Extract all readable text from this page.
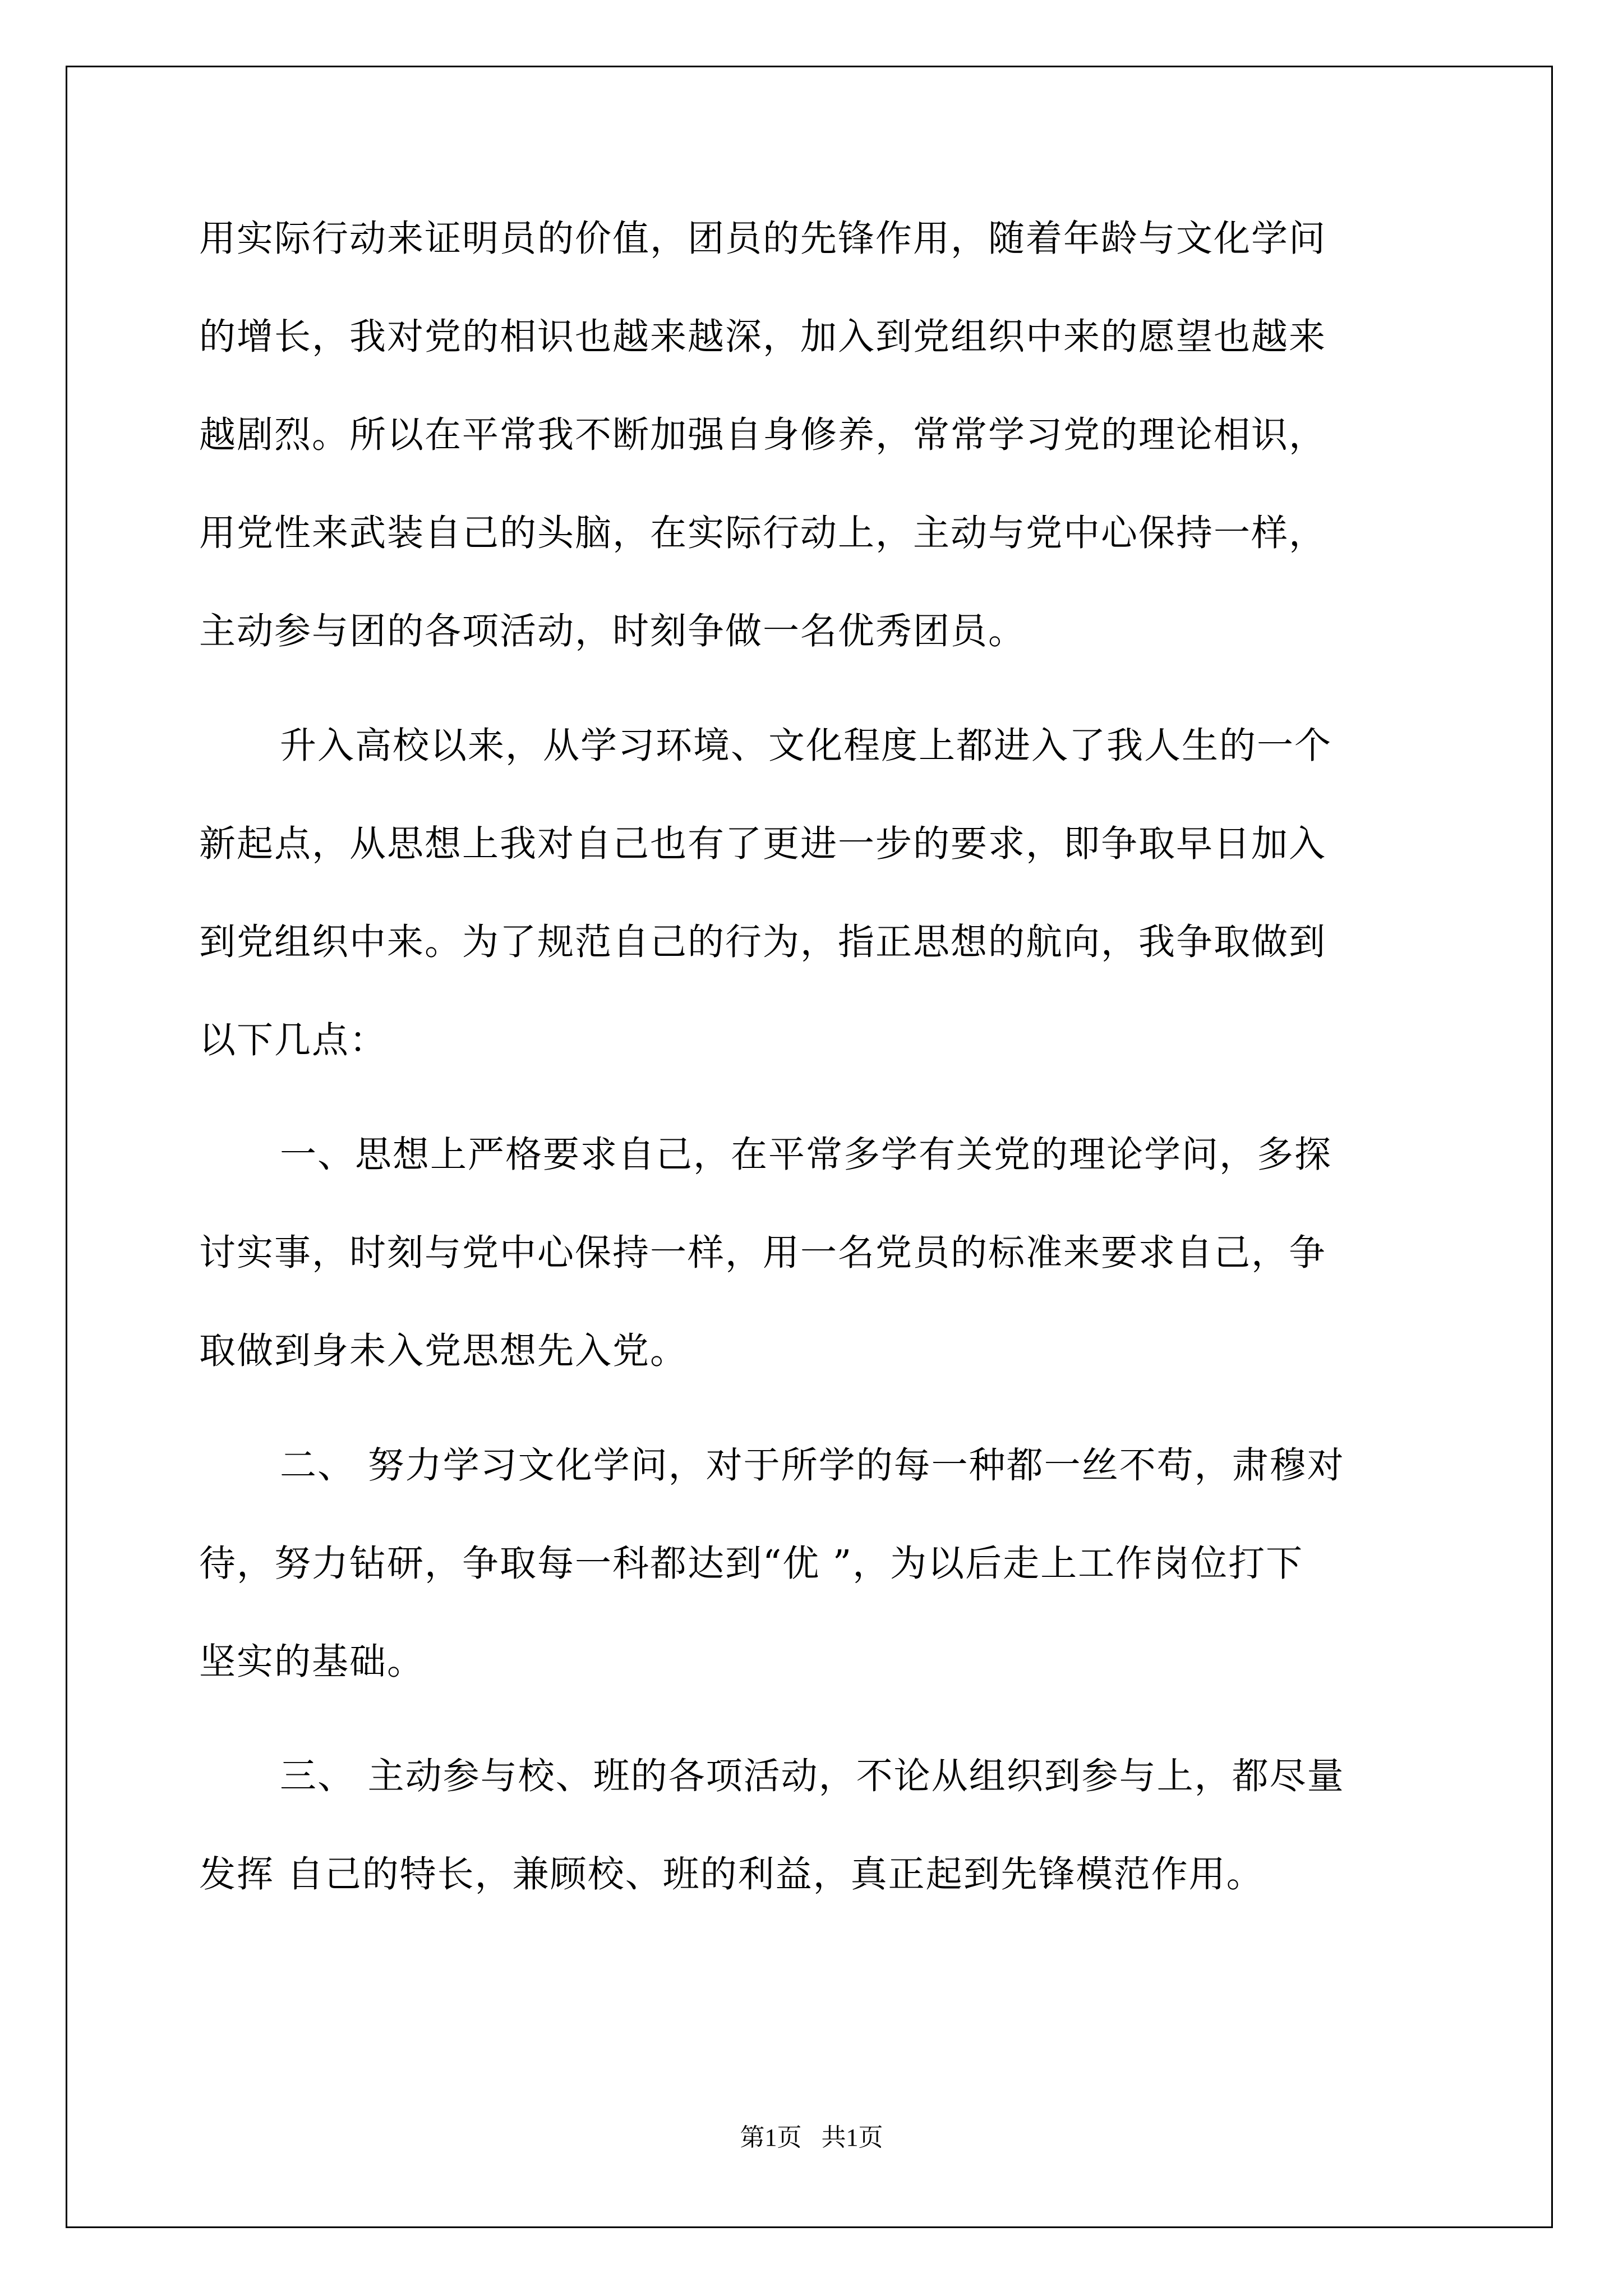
用实际行动来证明员的价值，团员的先锋作用，随着年龄与文化学问
的增长，我对党的相识也越来越深，加入到党组织中来的愿望也越来
越剧烈。所以在平常我不断加强自身修养，常常学习党的理论相识，
用党性来武装自己的头脑，在实际行动上，主动与党中心保持一样，
主动参与团的各项活动，时刻争做一名优秀团员。
升入高校以来，从学习环境、文化程度上都进入了我人生的一个
新起点，从思想上我对自己也有了更进一步的要求，即争取早日加入
到党组织中来。为了规范自己的行为，指正思想的航向，我争取做到
以下几点：
一、思想上严格要求自己，在平常多学有关党的理论学问，多探
讨实事，时刻与党中心保持一样，用一名党员的标准来要求自己，争
取做到身未入党思想先入党。
二、 努力学习文化学问，对于所学的每一种都一丝不苟，肃穆对
待，努力钻研，争取每一科都达到“优 ”，为以后走上工作岗位打下
坚实的基础。
三、 主动参与校、班的各项活动，不论从组织到参与上，都尽量
发挥 自己的特长，兼顾校、班的利益，真正起到先锋模范作用。
第1页 共1页
